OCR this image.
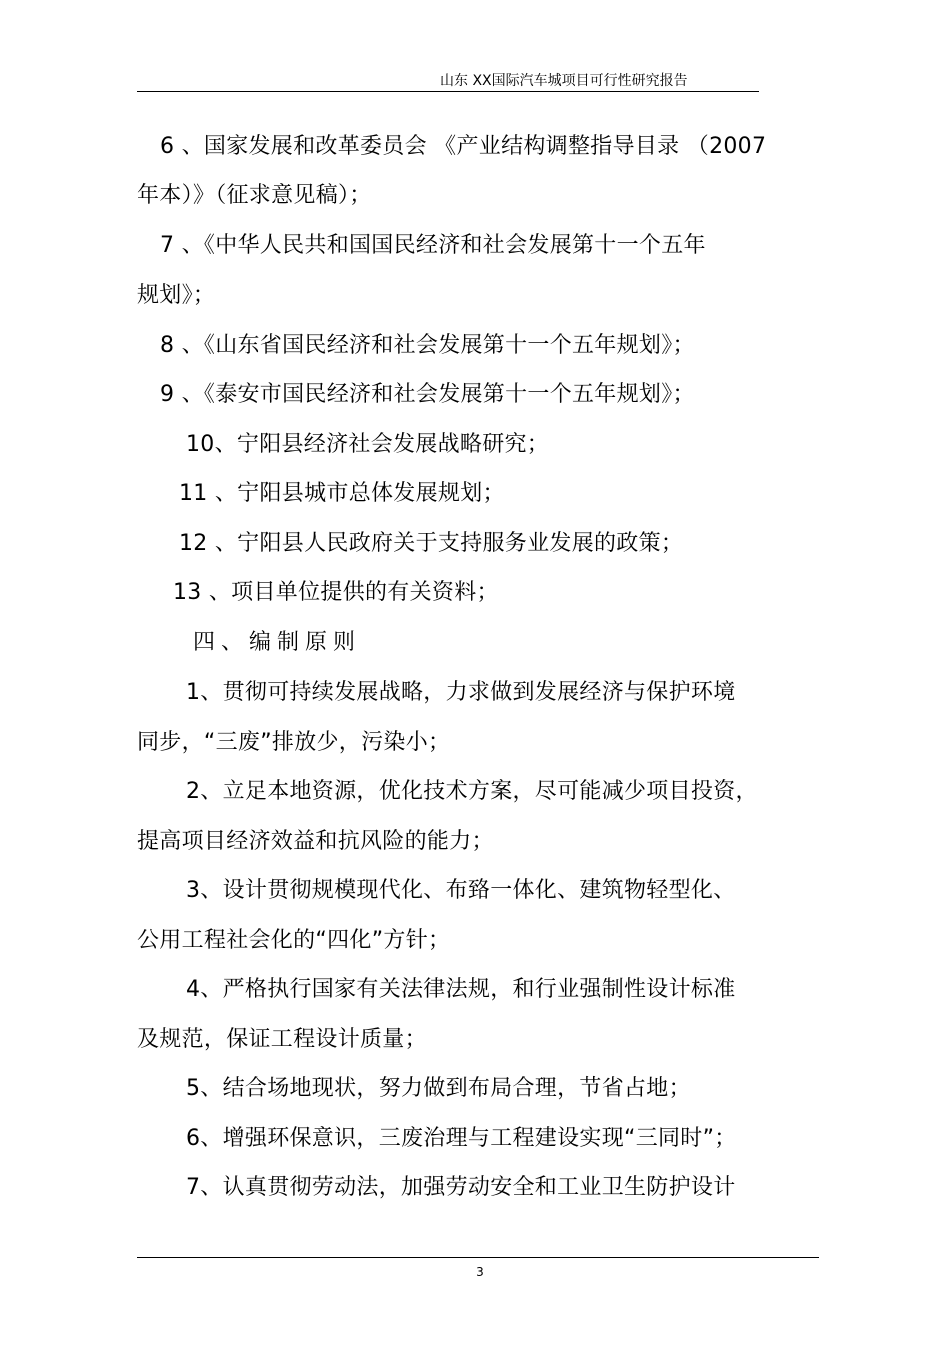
山东 XX国际汽车城项目可行性研究报告
6 、国家发展和改革委员会 《产业结构调整指导目录 （2007
年本）》（征求意见稿）；
7 、《中华人民共和国国民经济和社会发展第十一个五年
规划》；
8 、《山东省国民经济和社会发展第十一个五年规划》；
9 、《泰安市国民经济和社会发展第十一个五年规划》；
10、宁阳县经济社会发展战略研究；
11 、宁阳县城市总体发展规划；
12 、宁阳县人民政府关于支持服务业发展的政策；
13 、项目单位提供的有关资料；
四、编制原则
1、贯彻可持续发展战略，力求做到发展经济与保护环境
同步，“三废”排放少，污染小；
2、立足本地资源，优化技术方案，尽可能减少项目投资，
提高项目经济效益和抗风险的能力；
3、设计贯彻规模现代化、布臵一体化、建筑物轻型化、
公用工程社会化的“四化”方针；
4、严格执行国家有关法律法规，和行业强制性设计标准
及规范，保证工程设计质量；
5、结合场地现状，努力做到布局合理，节省占地；
6、增强环保意识，三废治理与工程建设实现“三同时”；
7、认真贯彻劳动法，加强劳动安全和工业卫生防护设计
3
